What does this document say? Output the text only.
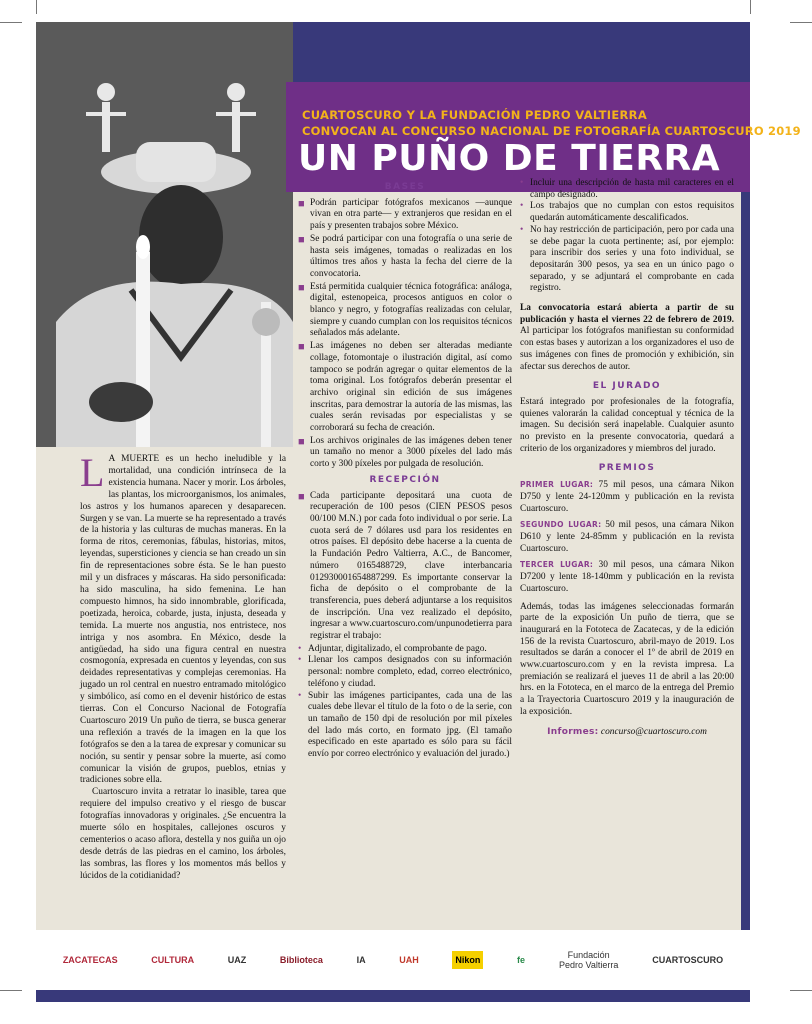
CUARTOSCURO Y LA FUNDACIÓN PEDRO VALTIERRA
CONVOCAN AL CONCURSO NACIONAL DE FOTOGRAFÍA CUARTOSCURO 2019
UN PUÑO DE TIERRA
L A MUERTE es un hecho ineludible y la mortalidad, una condición intrínseca de la existencia humana. Nacer y morir. Los árboles, las plantas, los microorganismos, los animales, los astros y los humanos aparecen y desaparecen. Surgen y se van. La muerte se ha representado a través de la historia y las culturas de muchas maneras. En la forma de ritos, ceremonias, fábulas, historias, mitos, leyendas, supersticiones y ciencia se han creado un sin fin de representaciones sobre ésta. Se le han puesto mil y un disfraces y máscaras. Ha sido personificada: ha sido masculina, ha sido femenina. Le han compuesto himnos, ha sido innombrable, glorificada, poetizada, heroica, cobarde, justa, injusta, deseada y temida. La muerte nos angustia, nos entristece, nos intriga y nos asombra. En México, desde la antigüedad, ha sido una figura central en nuestra cosmogonía, expresada en cuentos y leyendas, con sus deidades representativas y complejas ceremonias. Ha jugado un rol central en nuestro entramado mitológico y simbólico, así como en el devenir histórico de estas tierras. Con el Concurso Nacional de Fotografía Cuartoscuro 2019 Un puño de tierra, se busca generar una reflexión a través de la imagen en la que los fotógrafos se den a la tarea de expresar y comunicar su noción, su sentir y pensar sobre la muerte, así como comunicar la visión de grupos, pueblos, etnias y tradiciones sobre ella.

Cuartoscuro invita a retratar lo inasible, tarea que requiere del impulso creativo y el riesgo de buscar fotografías innovadoras y originales. ¿Se encuentra la muerte sólo en hospitales, callejones oscuros y cementerios o acaso aflora, destella y nos guiña un ojo desde detrás de las piedras en el camino, los árboles, las sombras, las flores y los momentos más bellos y lúcidos de la cotidianidad?

BASES
■ Podrán participar fotógrafos mexicanos —aunque vivan en otra parte— y extranjeros que residan en el país y presenten trabajos sobre México.
■ Se podrá participar con una fotografía o una serie de hasta seis imágenes, tomadas o realizadas en los últimos tres años y hasta la fecha del cierre de la convocatoria.
■ Está permitida cualquier técnica fotográfica: análoga, digital, estenopeica, procesos antiguos en color o blanco y negro, y fotografías realizadas con celular, siempre y cuando cumplan con los requisitos técnicos señalados más adelante.
■ Las imágenes no deben ser alteradas mediante collage, fotomontaje o ilustración digital, así como tampoco se podrán agregar o quitar elementos de la toma original. Los fotógrafos deberán presentar el archivo original sin edición de sus imágenes inscritas, para demostrar la autoría de las mismas, las cuales serán revisadas por especialistas y se corroborará su fecha de creación.
■ Los archivos originales de las imágenes deben tener un tamaño no menor a 3000 píxeles del lado más corto y 300 píxeles por pulgada de resolución.
RECEPCIÓN
■ Cada participante depositará una cuota de recuperación de 100 pesos (CIEN PESOS pesos 00/100 M.N.) por cada foto individual o por serie. La cuota será de 7 dólares usd para los residentes en otros países. El depósito debe hacerse a la cuenta de la Fundación Pedro Valtierra, A.C., de Bancomer, número 0165488729, clave interbancaria 012930001654887299. Es importante conservar la ficha de depósito o el comprobante de la transferencia, pues deberá adjuntarse a los requisitos de inscripción. Una vez realizado el depósito, ingresar a www.cuartoscuro.com/unpunodetierra para registrar el trabajo:
• Adjuntar, digitalizado, el comprobante de pago.
• Llenar los campos designados con su información personal: nombre completo, edad, correo electrónico, teléfono y ciudad.
• Subir las imágenes participantes, cada una de las cuales debe llevar el título de la foto o de la serie, con un tamaño de 150 dpi de resolución por mil píxeles del lado más corto, en formato jpg. (El tamaño especificado en este apartado es sólo para su fácil envío por correo electrónico y evaluación del jurado.)
• Incluir una descripción de hasta mil caracteres en el campo designado.
• Los trabajos que no cumplan con estos requisitos quedarán automáticamente descalificados.
• No hay restricción de participación, pero por cada una se debe pagar la cuota pertinente; así, por ejemplo: para inscribir dos series y una foto individual, se depositarán 300 pesos, ya sea en un único pago o separado, y se adjuntará el comprobante en cada registro.

La convocatoria estará abierta a partir de su publicación y hasta el viernes 22 de febrero de 2019. Al participar los fotógrafos manifiestan su conformidad con estas bases y autorizan a los organizadores el uso de sus imágenes con fines de promoción y exhibición, sin afectar sus derechos de autor.

EL JURADO

Estará integrado por profesionales de la fotografía, quienes valorarán la calidad conceptual y técnica de la imagen. Su decisión será inapelable. Cualquier asunto no previsto en la presente convocatoria, quedará a criterio de los organizadores y miembros del jurado.

PREMIOS

PRIMER LUGAR: 75 mil pesos, una cámara Nikon D750 y lente 24-120mm y publicación en la revista Cuartoscuro.

SEGUNDO LUGAR: 50 mil pesos, una cámara Nikon D610 y lente 24-85mm y publicación en la revista Cuartoscuro.

TERCER LUGAR: 30 mil pesos, una cámara Nikon D7200 y lente 18-140mm y publicación en la revista Cuartoscuro.

Además, todas las imágenes seleccionadas formarán parte de la exposición Un puño de tierra, que se inaugurará en la Fototeca de Zacatecas, y de la edición 156 de la revista Cuartoscuro, abril-mayo de 2019. Los resultados se darán a conocer el 1º de abril de 2019 en www.cuartoscuro.com y en la revista impresa. La premiación se realizará el jueves 11 de abril a las 20:00 hrs. en la Fototeca, en el marco de la entrega del Premio a la Trayectoria Cuartoscuro 2019 y la inauguración de la exposición.

Informes: concurso@cuartoscuro.com

ZACATECAS	CULTURA	UAZ	Biblioteca	IA	UAH	Nikon	fe	Fundación Pedro Valtierra	CUARTOSCURO
